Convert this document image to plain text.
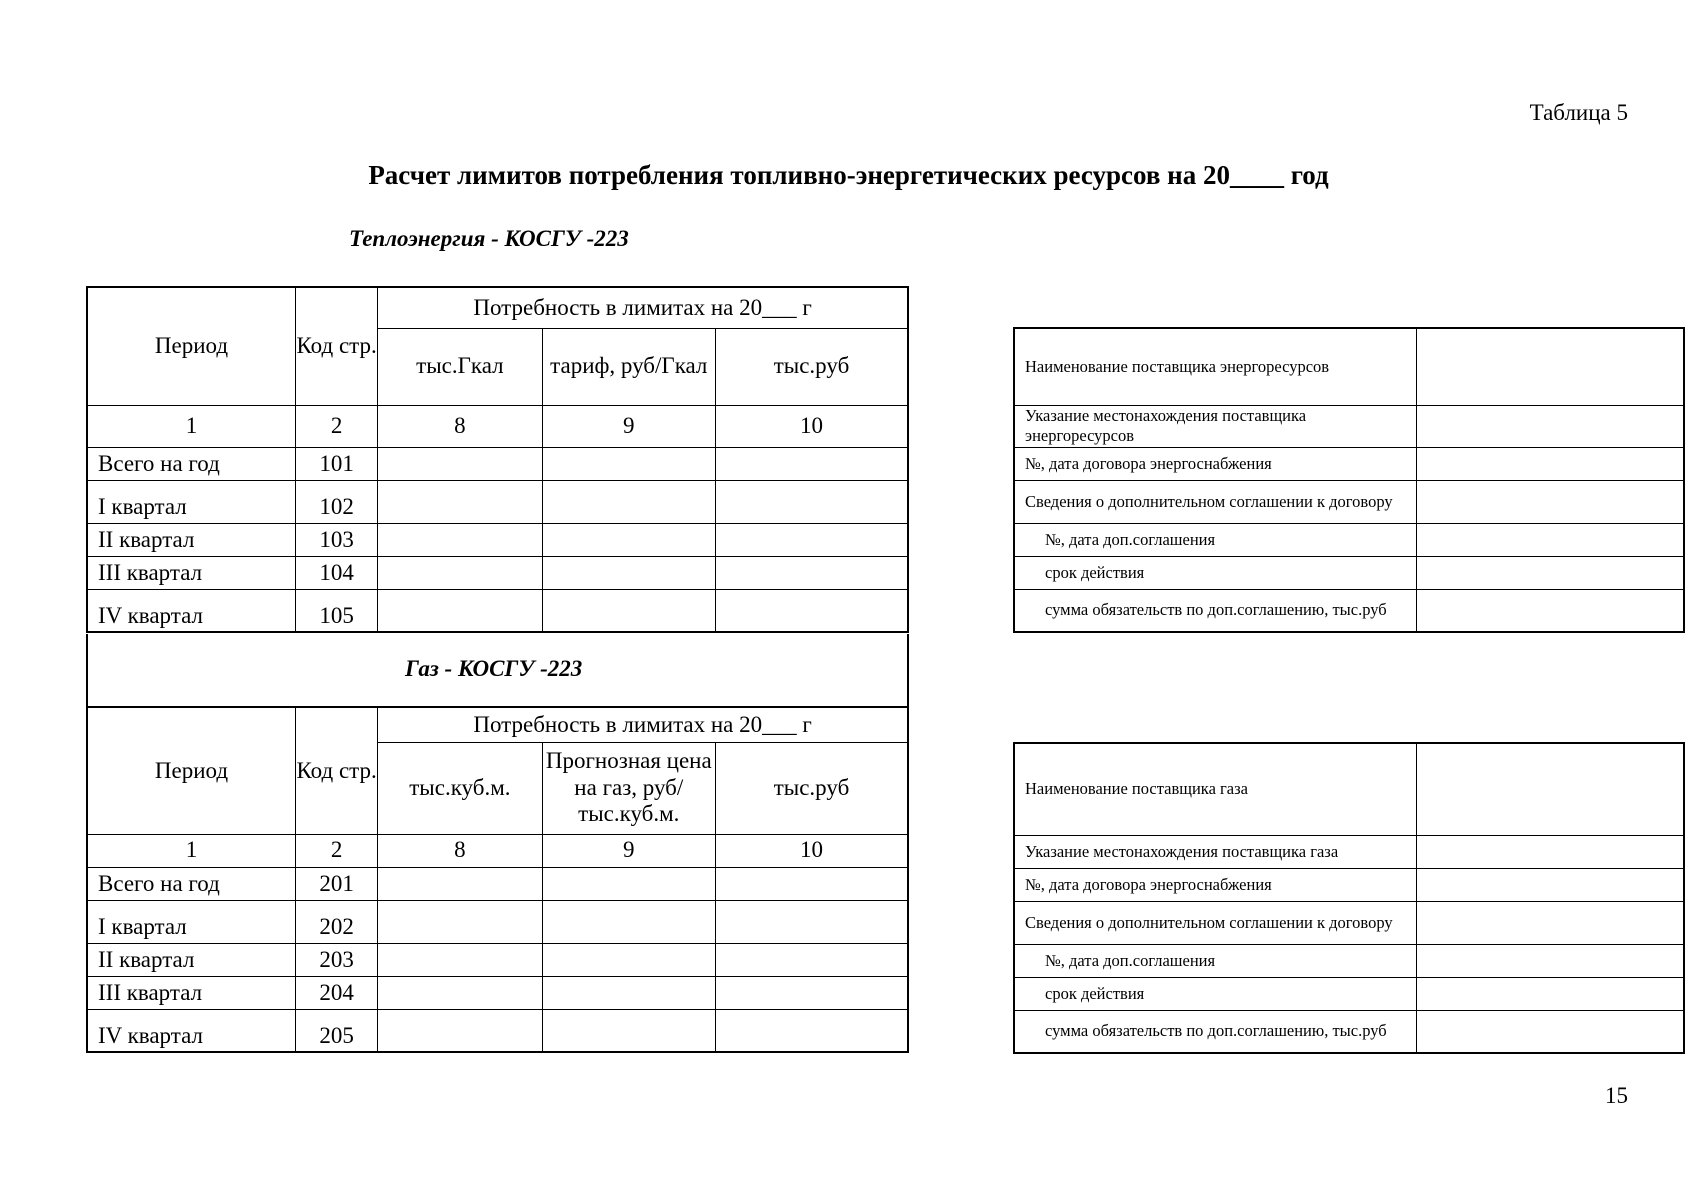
Таблица 5
Расчет лимитов потребления топливно-энергетических ресурсов на 20____ год
Теплоэнергия - КОСГУ -223
Период	Код стр.	Потребность в лимитах на 20___ г		
		тыс.Гкал	тариф, руб/Гкал	тыс.руб
1	2	8	9	10
Всего на год	101			
I квартал	102			
II квартал	103			
III квартал	104			
IV квартал	105			
Наименование поставщика энергоресурсов	
Указание местонахождения поставщика энергоресурсов	
№, дата договора энергоснабжения	
Сведения о дополнительном соглашении к договору	
№, дата доп.соглашения	
срок действия	

сумма обязательств по доп.соглашению, тыс.руб	

Газ - КОСГУ -223
Период	Код стр.	Потребность в лимитах на 20___ г		
		тыс.куб.м.	Прогнозная цена на газ, руб/тыс.куб.м.	тыс.руб
1	2	8	9	10
Всего на год	201			
I квартал	202			
II квартал	203			
III квартал	204			
IV квартал	205			
Наименование поставщика газа	
Указание местонахождения поставщика газа	
№, дата договора энергоснабжения	
Сведения о дополнительном соглашении к договору	
№, дата доп.соглашения	
срок действия	

сумма обязательств по доп.соглашению, тыс.руб	

15
